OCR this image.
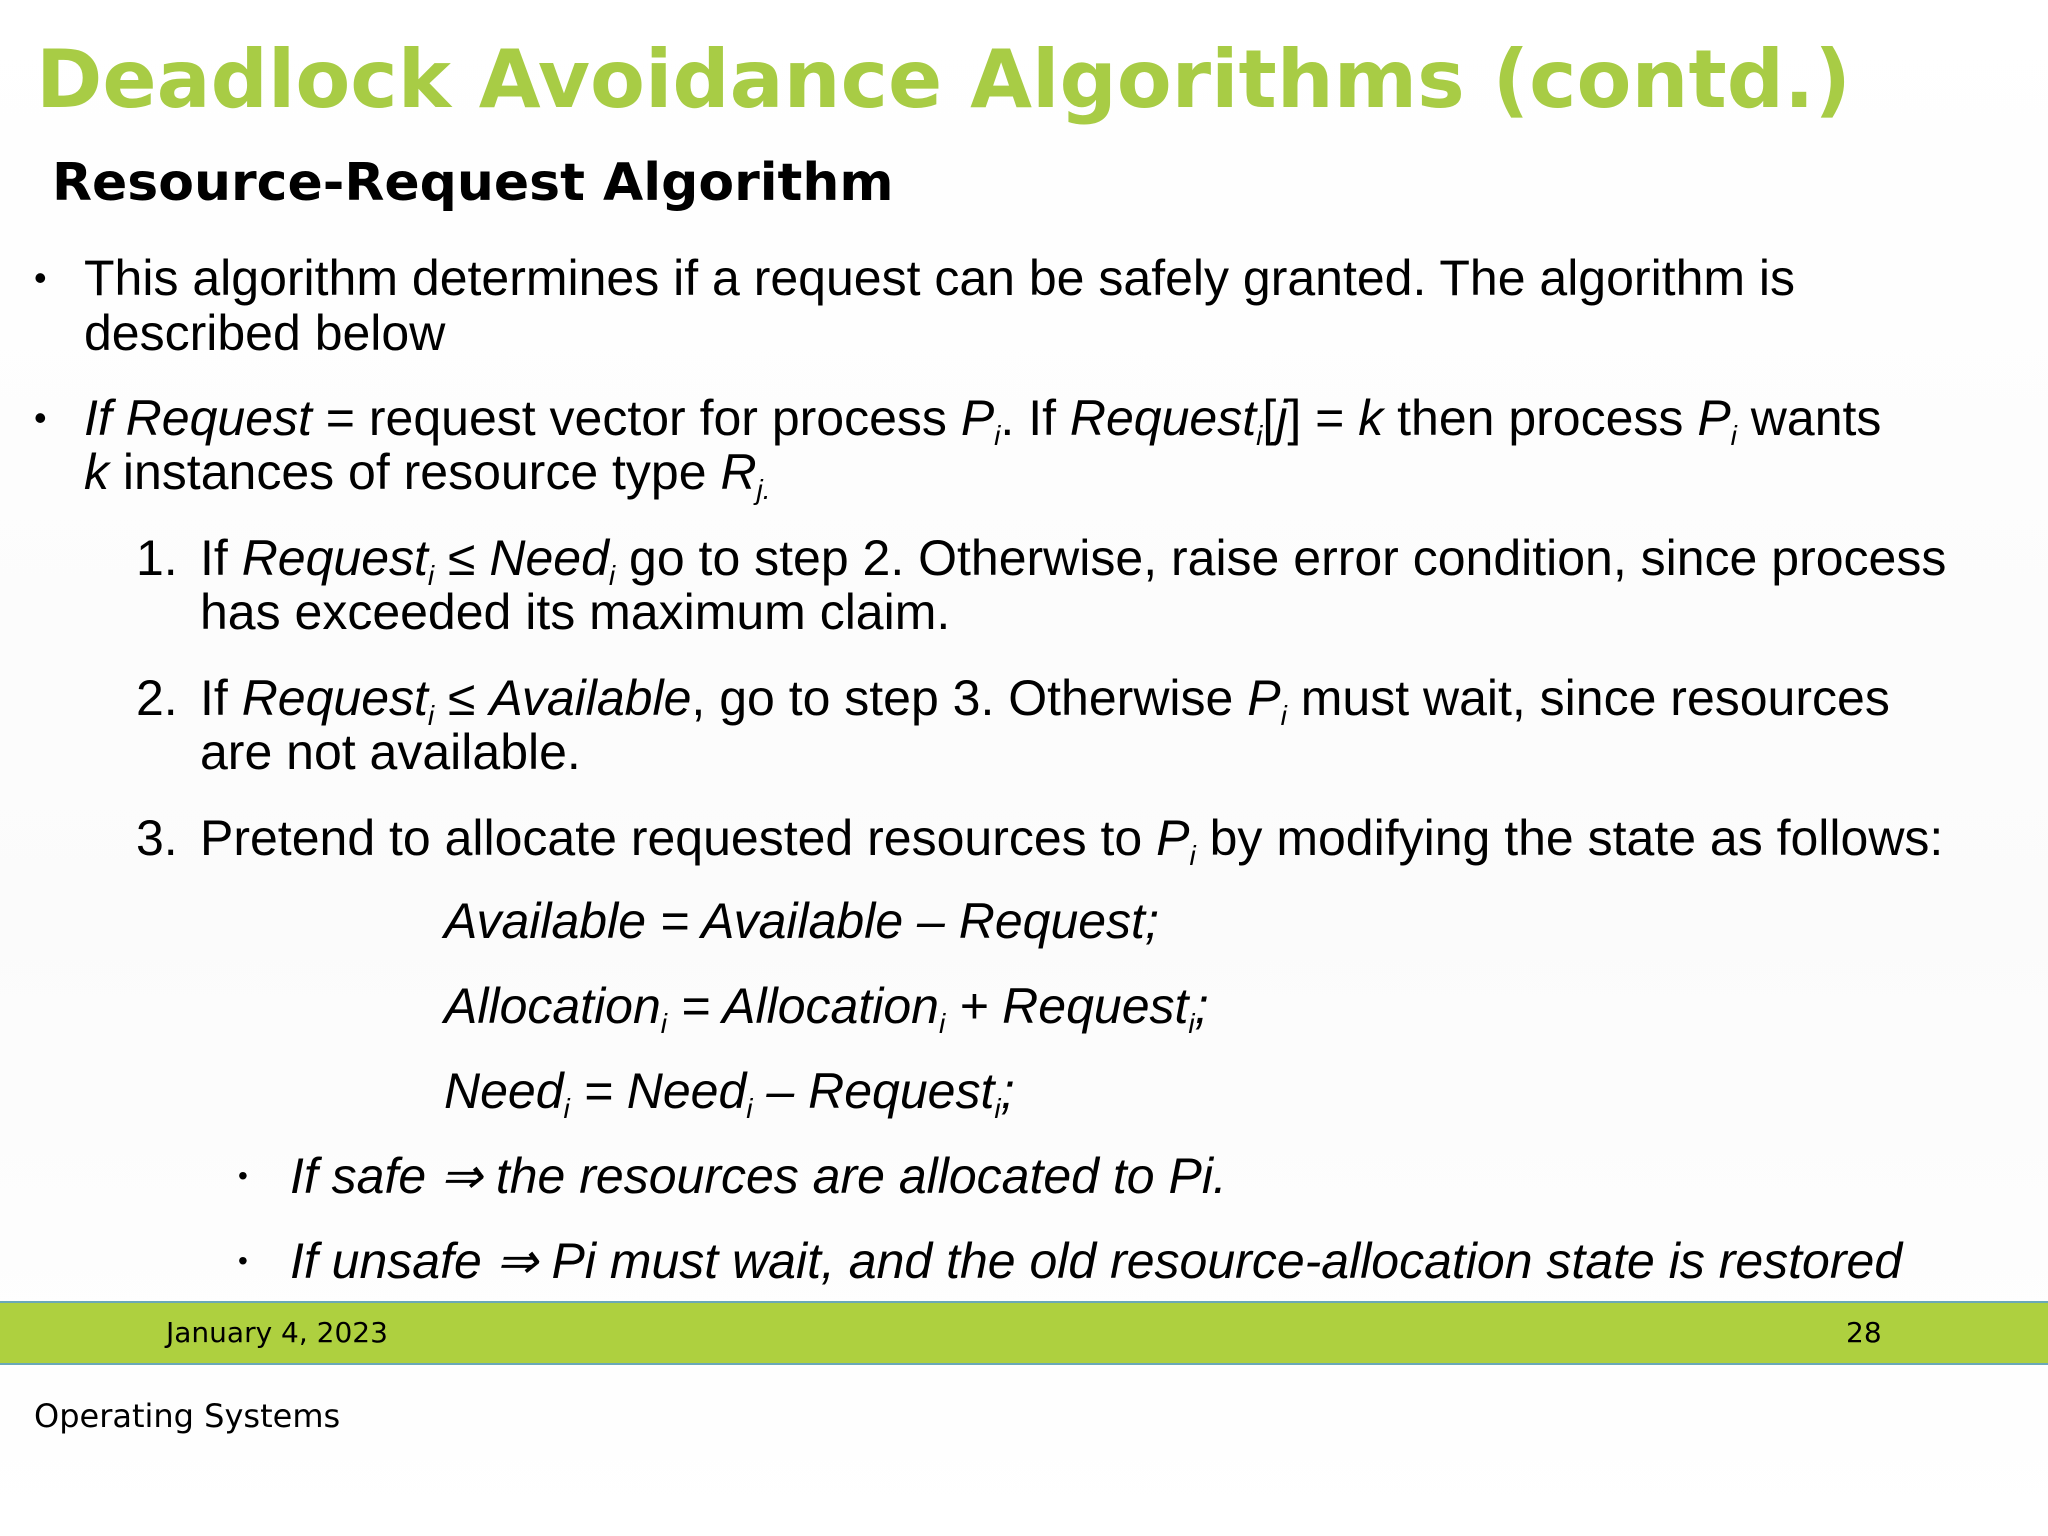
Deadlock Avoidance Algorithms (contd.)
Resource-Request Algorithm
• This algorithm determines if a request can be safely granted. The algorithm is
described below
• If Request = request vector for process $P_i$. If Request$_i$[j] = k then process $P_i$ wants
k instances of resource type $R_{j.}$
1. If Request$_i$ ≤ Need$_i$ go to step 2. Otherwise, raise error condition, since process
has exceeded its maximum claim.
2. If Request$_i$ ≤ Available, go to step 3. Otherwise $P_i$ must wait, since resources
are not available.
3. Pretend to allocate requested resources to $P_i$ by modifying the state as follows:
Available = Available – Request;
Allocation$_i$ = Allocation$_i$ + Request$_i$;
Need$_i$ = Need$_i$ – Request$_i$;
• If safe ⇒ the resources are allocated to Pi.
• If unsafe ⇒ Pi must wait, and the old resource-allocation state is restored
January 4, 2023	28
Operating Systems
